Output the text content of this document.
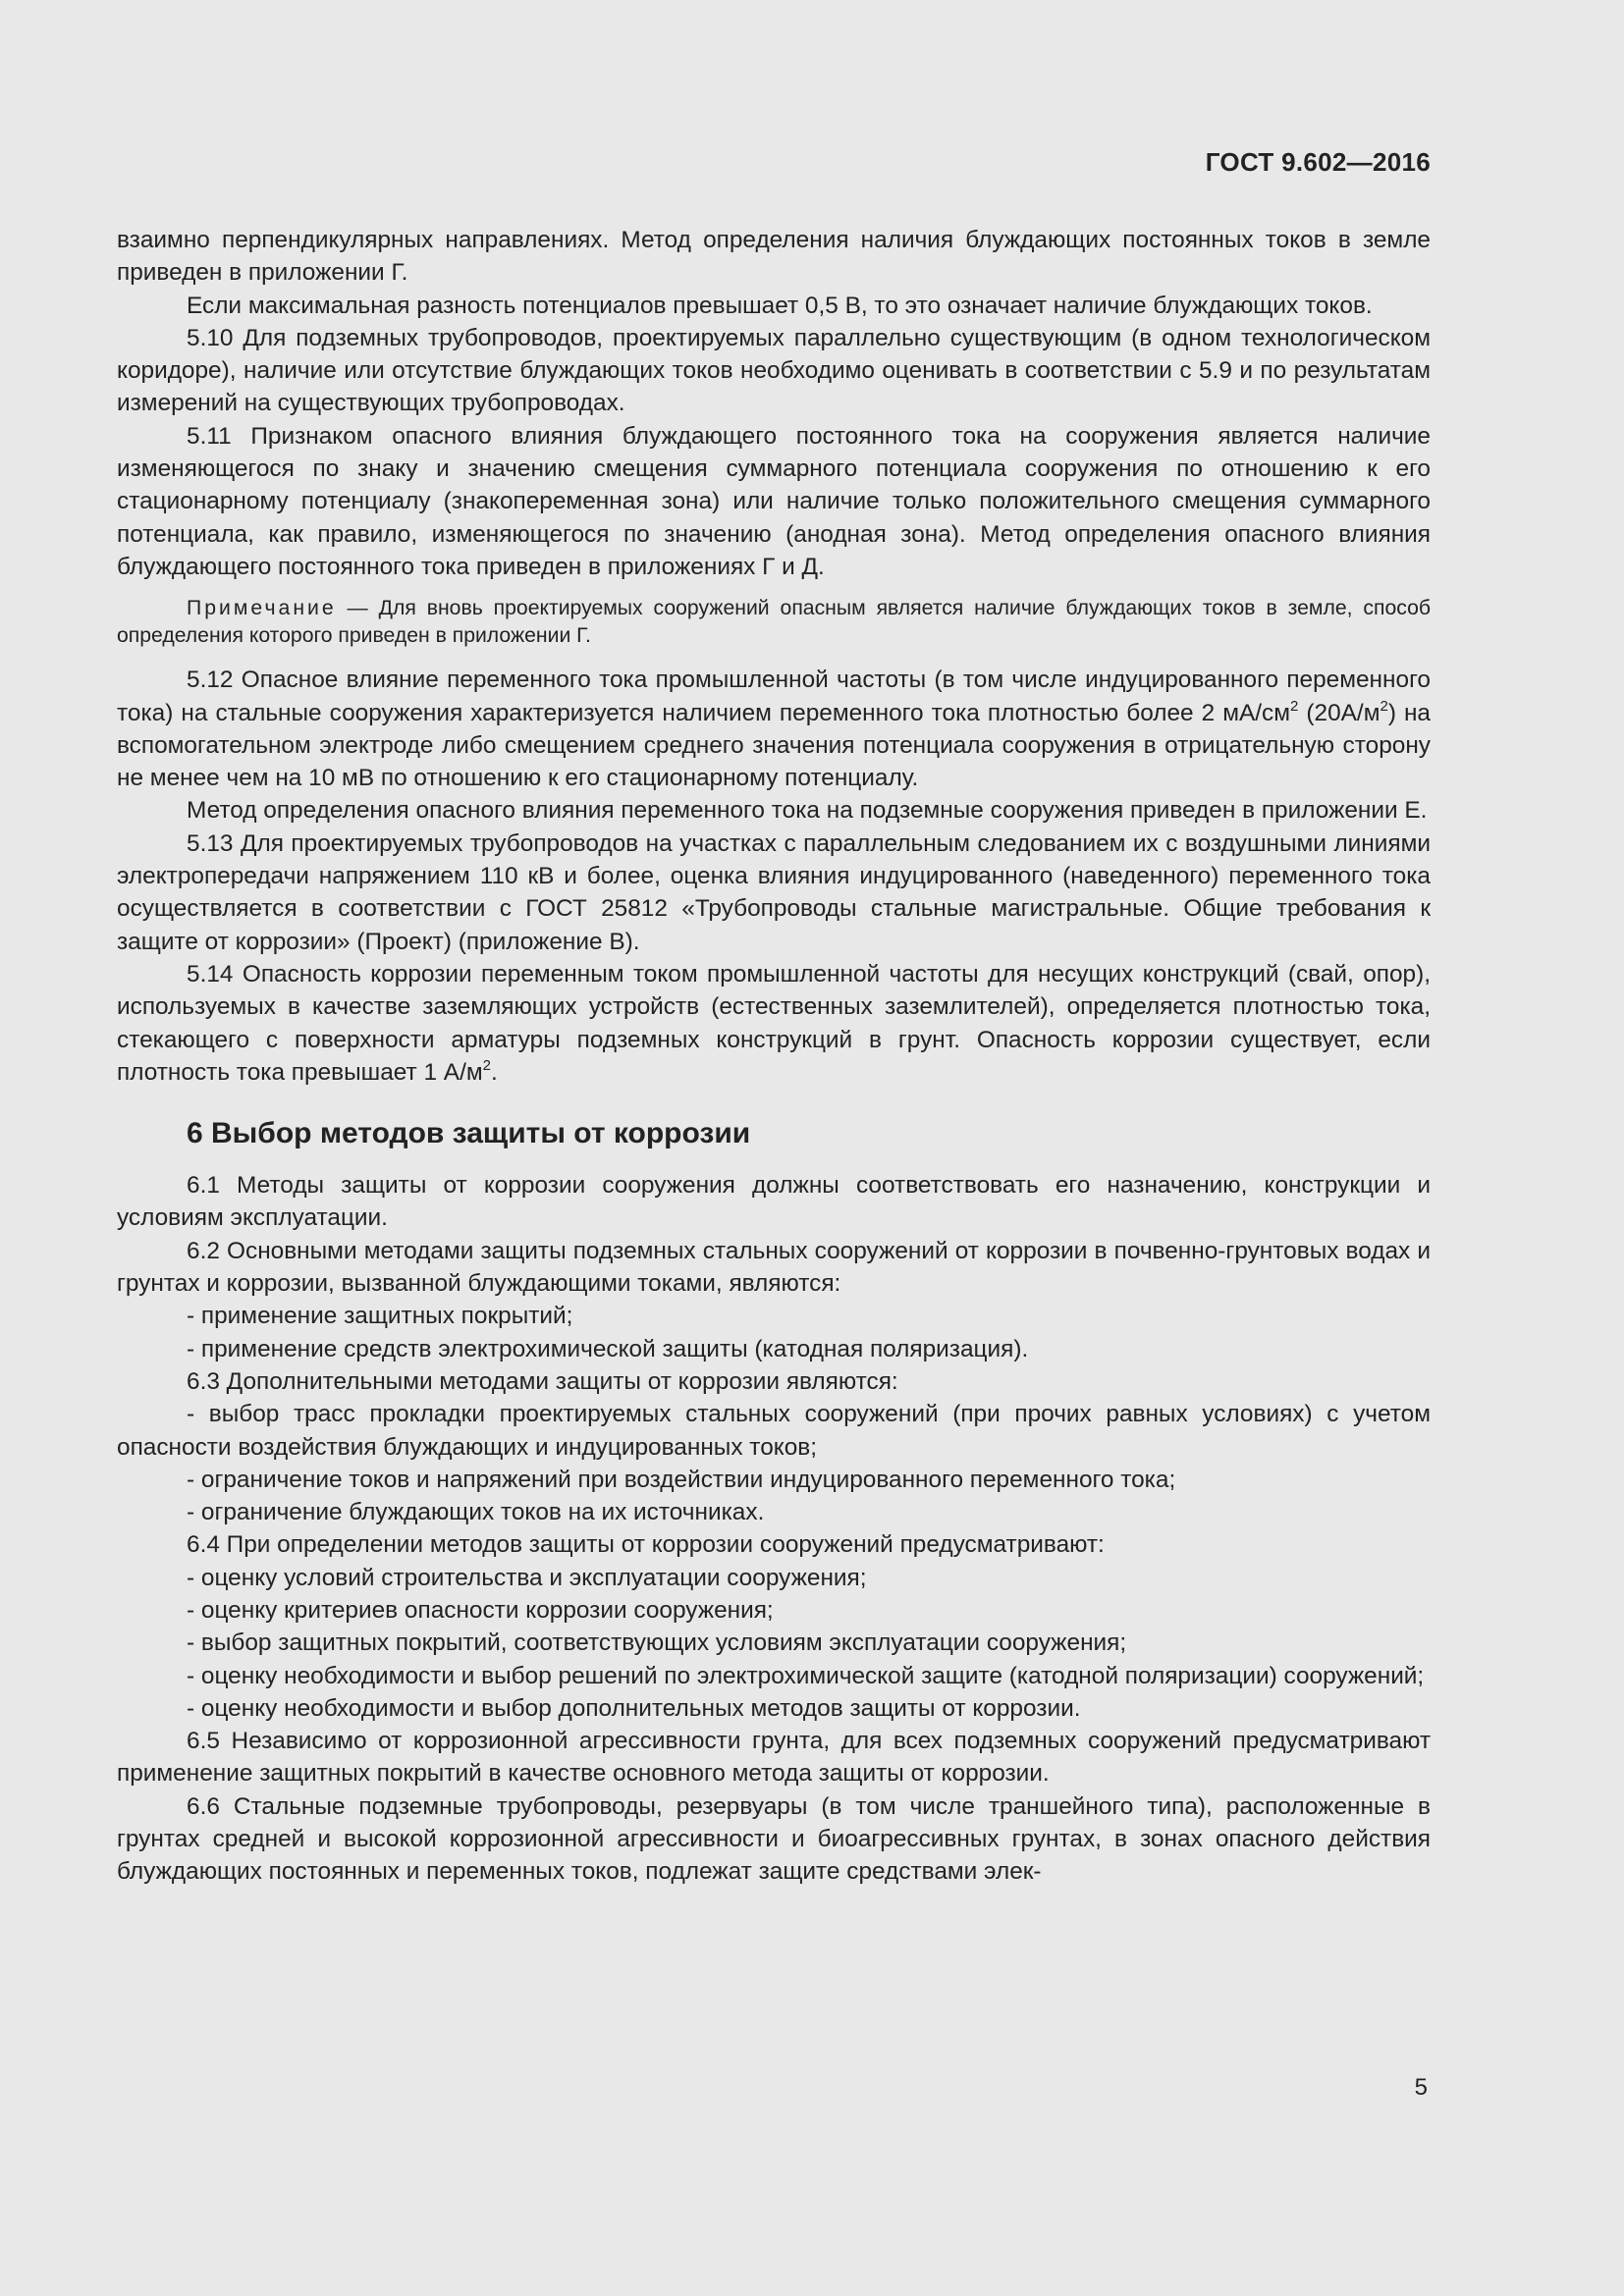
ГОСТ 9.602—2016

взаимно перпендикулярных направлениях. Метод определения наличия блуждающих постоянных токов в земле приведен в приложении Г.

Если максимальная разность потенциалов превышает 0,5 В, то это означает наличие блуждающих токов.

5.10 Для подземных трубопроводов, проектируемых параллельно существующим (в одном технологическом коридоре), наличие или отсутствие блуждающих токов необходимо оценивать в соответствии с 5.9 и по результатам измерений на существующих трубопроводах.

5.11 Признаком опасного влияния блуждающего постоянного тока на сооружения является наличие изменяющегося по знаку и значению смещения суммарного потенциала сооружения по отношению к его стационарному потенциалу (знакопеременная зона) или наличие только положительного смещения суммарного потенциала, как правило, изменяющегося по значению (анодная зона). Метод определения опасного влияния блуждающего постоянного тока приведен в приложениях Г и Д.

Примечание — Для вновь проектируемых сооружений опасным является наличие блуждающих токов в земле, способ определения которого приведен в приложении Г.

5.12 Опасное влияние переменного тока промышленной частоты (в том числе индуцированного переменного тока) на стальные сооружения характеризуется наличием переменного тока плотностью более 2 $мА/см^2$ $(20А/м^2)$ на вспомогательном электроде либо смещением среднего значения потенциала сооружения в отрицательную сторону не менее чем на 10 мВ по отношению к его стационарному потенциалу.

Метод определения опасного влияния переменного тока на подземные сооружения приведен в приложении Е.

5.13 Для проектируемых трубопроводов на участках с параллельным следованием их с воздушными линиями электропередачи напряжением 110 кВ и более, оценка влияния индуцированного (наведенного) переменного тока осуществляется в соответствии с ГОСТ 25812 «Трубопроводы стальные магистральные. Общие требования к защите от коррозии» (Проект) (приложение В).

5.14 Опасность коррозии переменным током промышленной частоты для несущих конструкций (свай, опор), используемых в качестве заземляющих устройств (естественных заземлителей), определяется плотностью тока, стекающего с поверхности арматуры подземных конструкций в грунт. Опасность коррозии существует, если плотность тока превышает 1 $А/м^2$.

6 Выбор методов защиты от коррозии

6.1 Методы защиты от коррозии сооружения должны соответствовать его назначению, конструкции и условиям эксплуатации.

6.2 Основными методами защиты подземных стальных сооружений от коррозии в почвенно-грунтовых водах и грунтах и коррозии, вызванной блуждающими токами, являются:

- применение защитных покрытий;

- применение средств электрохимической защиты (катодная поляризация).

6.3 Дополнительными методами защиты от коррозии являются:

- выбор трасс прокладки проектируемых стальных сооружений (при прочих равных условиях) с учетом опасности воздействия блуждающих и индуцированных токов;

- ограничение токов и напряжений при воздействии индуцированного переменного тока;

- ограничение блуждающих токов на их источниках.

6.4 При определении методов защиты от коррозии сооружений предусматривают:

- оценку условий строительства и эксплуатации сооружения;

- оценку критериев опасности коррозии сооружения;

- выбор защитных покрытий, соответствующих условиям эксплуатации сооружения;

- оценку необходимости и выбор решений по электрохимической защите (катодной поляризации) сооружений;

- оценку необходимости и выбор дополнительных методов защиты от коррозии.

6.5 Независимо от коррозионной агрессивности грунта, для всех подземных сооружений предусматривают применение защитных покрытий в качестве основного метода защиты от коррозии.

6.6 Стальные подземные трубопроводы, резервуары (в том числе траншейного типа), расположенные в грунтах средней и высокой коррозионной агрессивности и биоагрессивных грунтах, в зонах опасного действия блуждающих постоянных и переменных токов, подлежат защите средствами элек-

5
